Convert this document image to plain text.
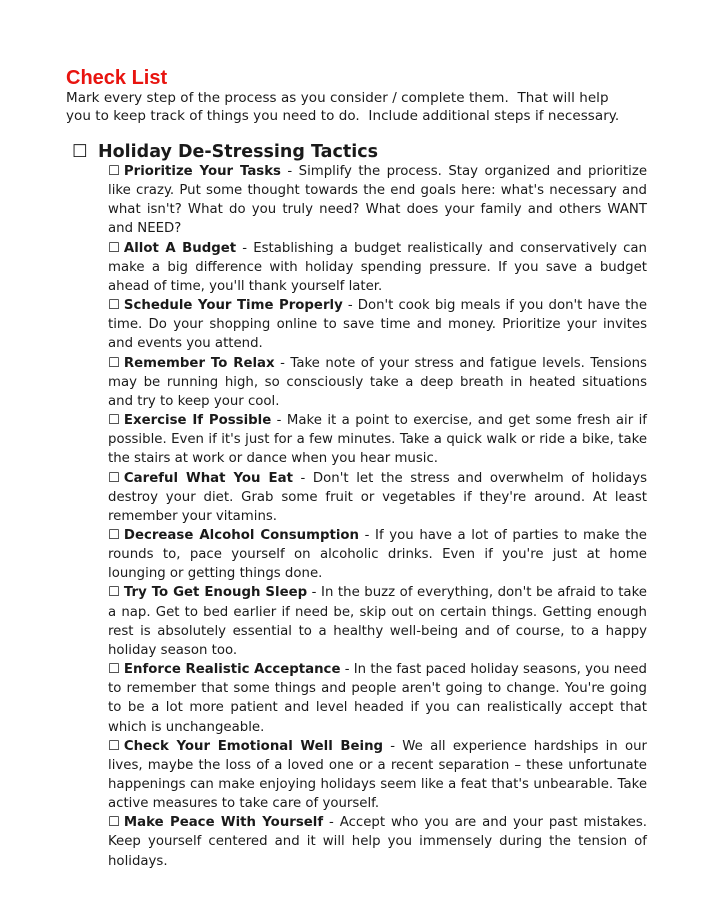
Check List
Mark every step of the process as you consider / complete them.  That will help
you to keep track of things you need to do.  Include additional steps if necessary.
☐ Holiday De-Stressing Tactics
☐ Prioritize Your Tasks - Simplify the process. Stay organized and prioritize like crazy. Put some thought towards the end goals here: what's necessary and what isn't? What do you truly need? What does your family and others WANT and NEED?
☐ Allot A Budget - Establishing a budget realistically and conservatively can make a big difference with holiday spending pressure. If you save a budget ahead of time, you'll thank yourself later.
☐ Schedule Your Time Properly - Don't cook big meals if you don't have the time. Do your shopping online to save time and money. Prioritize your invites and events you attend.
☐ Remember To Relax - Take note of your stress and fatigue levels. Tensions may be running high, so consciously take a deep breath in heated situations and try to keep your cool.
☐ Exercise If Possible - Make it a point to exercise, and get some fresh air if possible. Even if it's just for a few minutes. Take a quick walk or ride a bike, take the stairs at work or dance when you hear music.
☐ Careful What You Eat - Don't let the stress and overwhelm of holidays destroy your diet. Grab some fruit or vegetables if they're around. At least remember your vitamins.
☐ Decrease Alcohol Consumption - If you have a lot of parties to make the rounds to, pace yourself on alcoholic drinks. Even if you're just at home lounging or getting things done.
☐ Try To Get Enough Sleep - In the buzz of everything, don't be afraid to take a nap. Get to bed earlier if need be, skip out on certain things. Getting enough rest is absolutely essential to a healthy well-being and of course, to a happy holiday season too.
☐ Enforce Realistic Acceptance - In the fast paced holiday seasons, you need to remember that some things and people aren't going to change. You're going to be a lot more patient and level headed if you can realistically accept that which is unchangeable.
☐ Check Your Emotional Well Being - We all experience hardships in our lives, maybe the loss of a loved one or a recent separation – these unfortunate happenings can make enjoying holidays seem like a feat that's unbearable. Take active measures to take care of yourself.
☐ Make Peace With Yourself - Accept who you are and your past mistakes. Keep yourself centered and it will help you immensely during the tension of holidays.
